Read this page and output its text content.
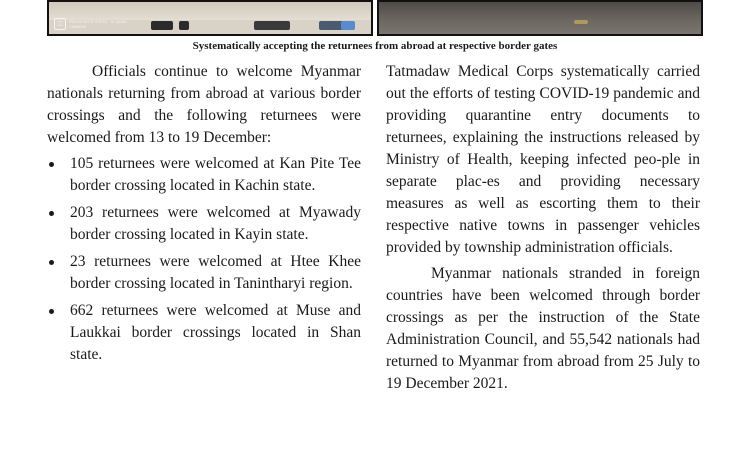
◫	REDMI NOTE 8 PRO · AI QUAD CAMERA
Systematically accepting the returnees from abroad at respective border gates

Officials continue to welcome Myanmar nationals returning from abroad at various border crossings and the following returnees were welcomed from 13 to 19 December:

105 returnees were welcomed at Kan Pite Tee border crossing located in Kachin state.
203 returnees were welcomed at Myawady border crossing located in Kayin state.
23 returnees were welcomed at Htee Khee border crossing located in Tanintharyi region.
662 returnees were welcomed at Muse and Laukkai border crossings located in Shan state.

Tatmadaw Medical Corps systematically carried out the efforts of testing COVID-19 pandemic and providing quarantine entry documents to returnees, explaining the instructions released by Ministry of Health, keeping infected peo-ple in separate plac-es and providing necessary measures as well as escorting them to their respective native towns in passenger vehicles provided by township administration officials.

Myanmar nationals stranded in foreign countries have been welcomed through border crossings as per the instruction of the State Administration Council, and 55,542 nationals had returned to Myanmar from abroad from 25 July to 19 December 2021.
